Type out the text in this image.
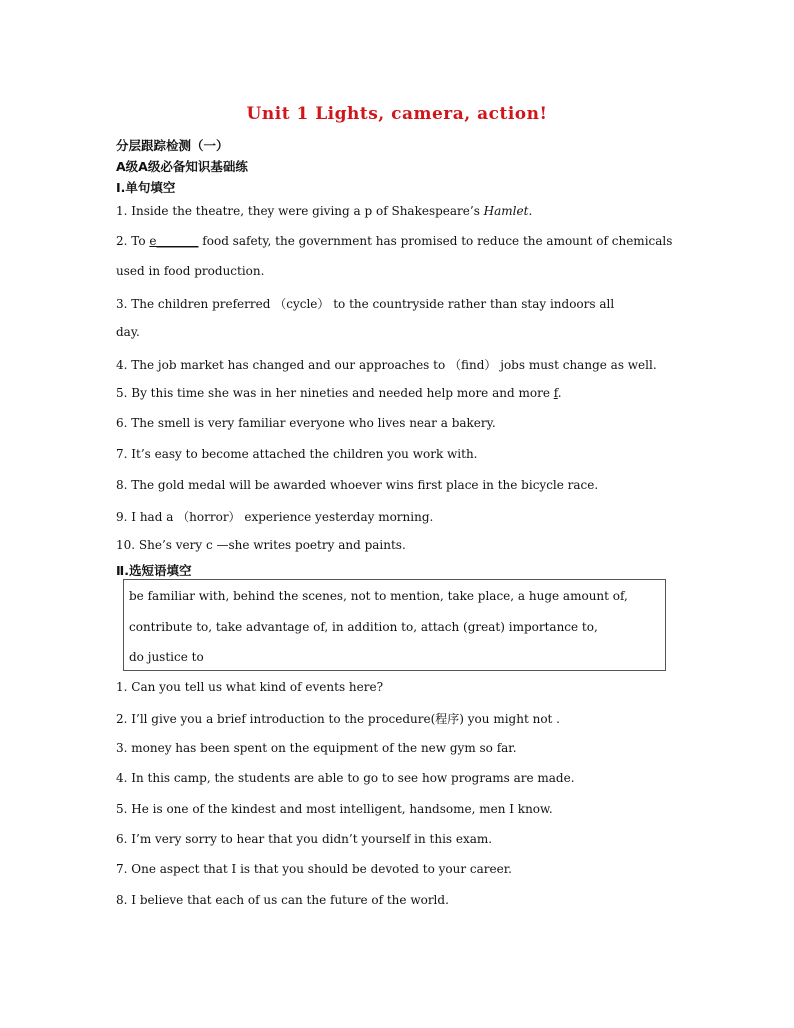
Unit 1 Lights, camera, action!
分层跟踪检测（一）
A级A级必备知识基础练
Ⅰ.单句填空
1. Inside the theatre, they were giving a p of Shakespeare’s Hamlet.
2. To e_______ food safety, the government has promised to reduce the amount of chemicals
used in food production.
3. The children preferred （cycle） to the countryside rather than stay indoors all
day.
4. The job market has changed and our approaches to （find） jobs must change as well.
5. By this time she was in her nineties and needed help more and more f.
6. The smell is very familiar everyone who lives near a bakery.
7. It’s easy to become attached the children you work with.
8. The gold medal will be awarded whoever wins first place in the bicycle race.
9. I had a （horror） experience yesterday morning.
10. She’s very c —she writes poetry and paints.
Ⅱ.选短语填空
be familiar with, behind the scenes, not to mention, take place, a huge amount of,
contribute to, take advantage of, in addition to, attach (great) importance to,
do justice to
1. Can you tell us what kind of events here?
2. I’ll give you a brief introduction to the procedure(程序) you might not .
3. money has been spent on the equipment of the new gym so far.
4. In this camp, the students are able to go to see how programs are made.
5. He is one of the kindest and most intelligent, handsome, men I know.
6. I’m very sorry to hear that you didn’t yourself in this exam.
7. One aspect that I is that you should be devoted to your career.
8. I believe that each of us can the future of the world.
